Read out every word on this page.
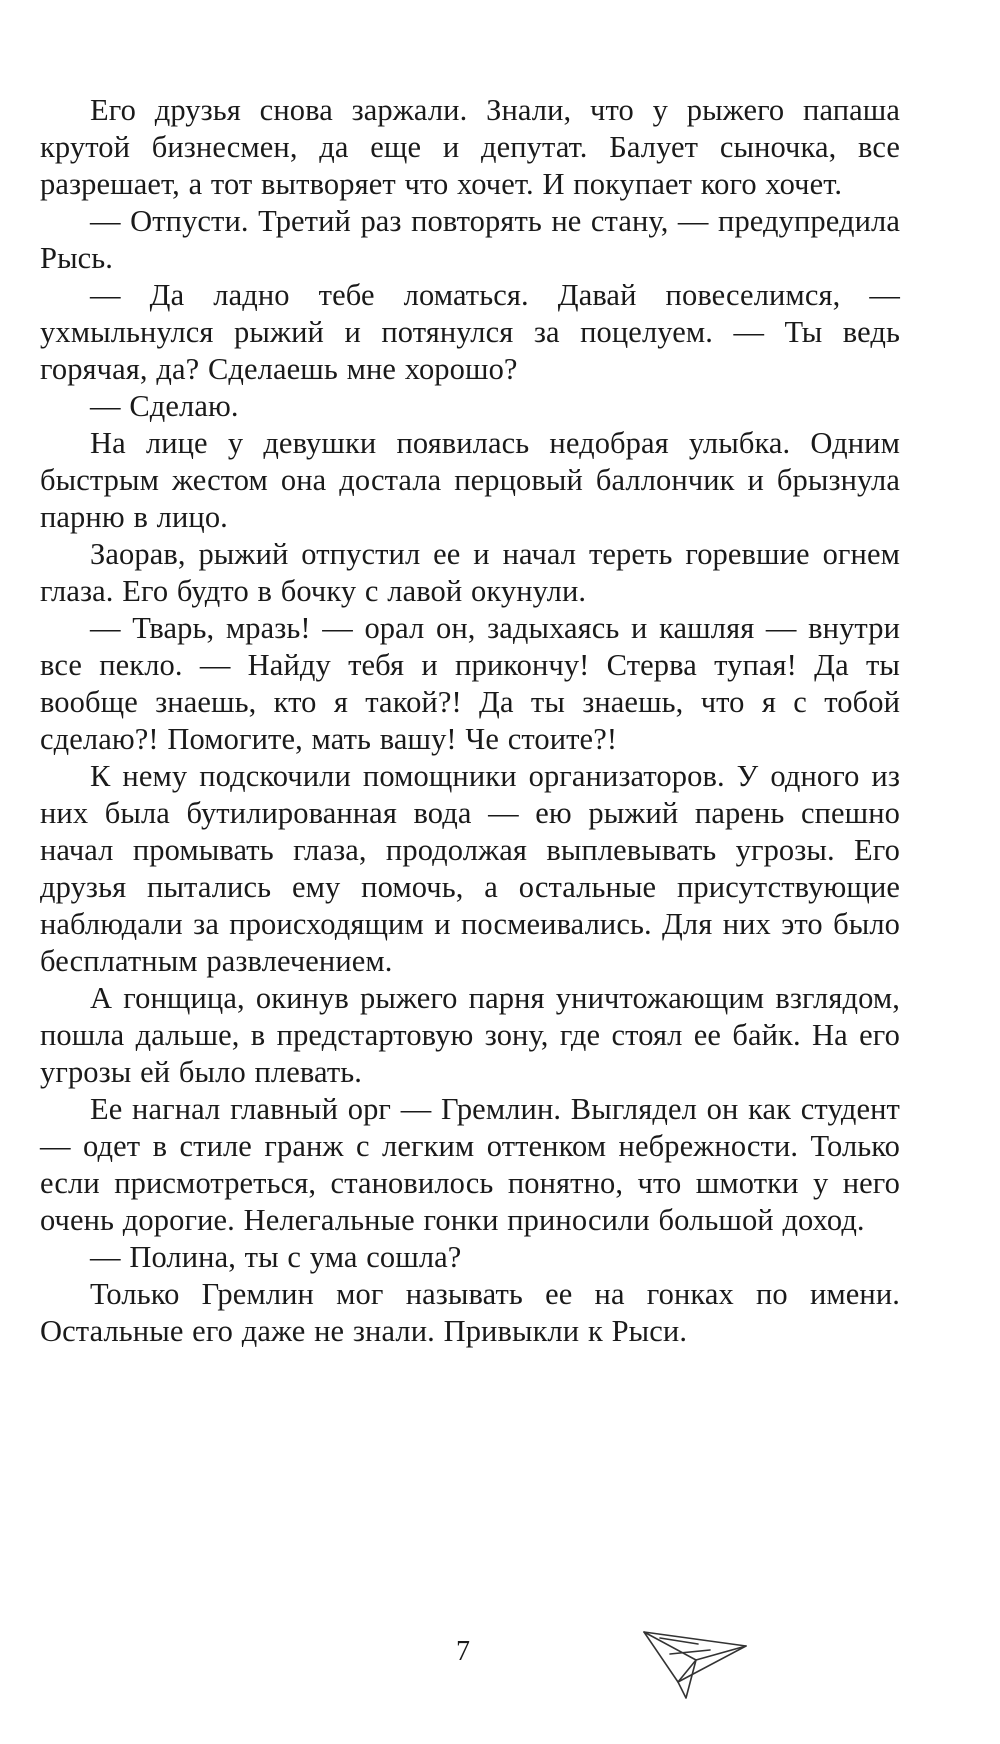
Его друзья снова заржали. Знали, что у рыжего папаша крутой бизнесмен, да еще и депутат. Балует сыночка, все разрешает, а тот вытворяет что хочет. И покупает кого хочет.

— Отпусти. Третий раз повторять не стану, — предупредила Рысь.

— Да ладно тебе ломаться. Давай повеселимся, — ухмыльнулся рыжий и потянулся за поцелуем. — Ты ведь горячая, да? Сделаешь мне хорошо?

— Сделаю.

На лице у девушки появилась недобрая улыбка. Одним быстрым жестом она достала перцовый баллончик и брызнула парню в лицо.

Заорав, рыжий отпустил ее и начал тереть горевшие огнем глаза. Его будто в бочку с лавой окунули.

— Тварь, мразь! — орал он, задыхаясь и кашляя — внутри все пекло. — Найду тебя и прикончу! Стерва тупая! Да ты вообще знаешь, кто я такой?! Да ты знаешь, что я с тобой сделаю?! Помогите, мать вашу! Че стоите?!

К нему подскочили помощники организаторов. У одного из них была бутилированная вода — ею рыжий парень спешно начал промывать глаза, продолжая выплевывать угрозы. Его друзья пытались ему помочь, а остальные присутствующие наблюдали за происходящим и посмеивались. Для них это было бесплатным развлечением.

А гонщица, окинув рыжего парня уничтожающим взглядом, пошла дальше, в предстартовую зону, где стоял ее байк. На его угрозы ей было плевать.

Ее нагнал главный орг — Гремлин. Выглядел он как студент — одет в стиле гранж с легким оттенком небрежности. Только если присмотреться, становилось понятно, что шмотки у него очень дорогие. Нелегальные гонки приносили большой доход.

— Полина, ты с ума сошла?

Только Гремлин мог называть ее на гонках по имени. Остальные его даже не знали. Привыкли к Рыси.

7
